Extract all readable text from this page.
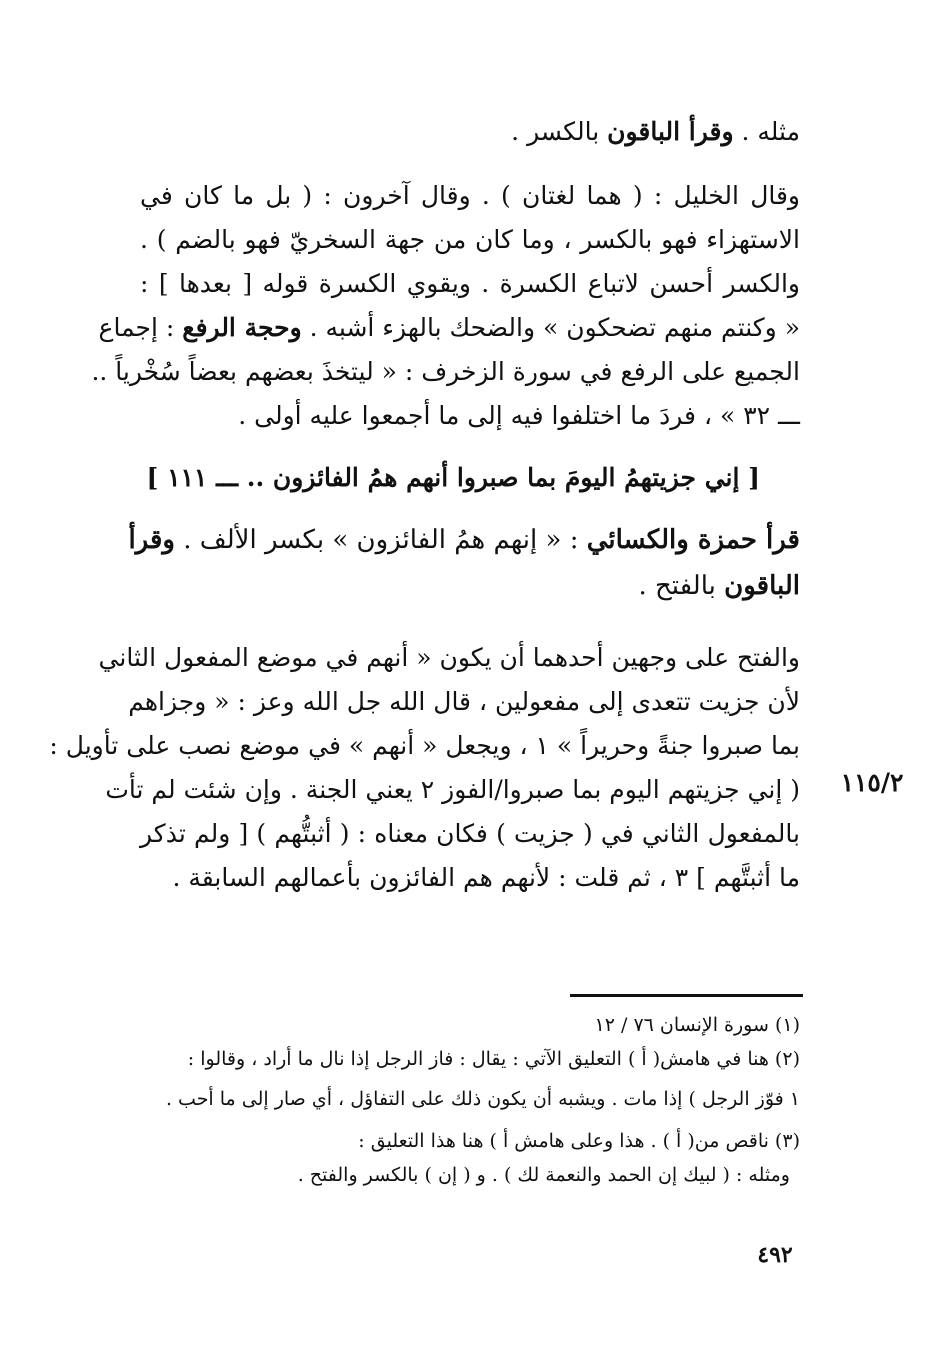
مثله . وقرأ الباقون بالكسر .
وقال الخليل : ( هما لغتان ) . وقال آخرون : ( بل ما كان في
الاستهزاء فهو بالكسر ، وما كان من جهة السخريّ فهو بالضم ) .
والكسر أحسن لاتباع الكسرة . ويقوي الكسرة قوله [ بعدها ] :
« وكنتم منهم تضحكون » والضحك بالهزء أشبه . وحجة الرفع : إجماع
الجميع على الرفع في سورة الزخرف : « ليتخذَ بعضهم بعضاً سُخْرياً ..
ـــ ٣٢ » ، فردَ ما اختلفوا فيه إلى ما أجمعوا عليه أولى .
[ إني جزيتهمُ اليومَ بما صبروا أنهم همُ الفائزون .. ـــ ١١١ ]
قرأ حمزة والكسائي : « إنهم همُ الفائزون » بكسر الألف . وقرأ
الباقون بالفتح .
والفتح على وجهين أحدهما أن يكون « أنهم في موضع المفعول الثاني
لأن جزيت تتعدى إلى مفعولين ، قال الله جل الله وعز : « وجزاهم
بما صبروا جنةً وحريراً » ١ ، ويجعل « أنهم » في موضع نصب على تأويل :
( إني جزيتهم اليوم بما صبروا/الفوز ٢ يعني الجنة . وإن شئت لم تأت
بالمفعول الثاني في ( جزيت ) فكان معناه : ( أثبتُّهم ) [ ولم تذكر
ما أثبتَّهم ] ٣ ، ثم قلت : لأنهم هم الفائزون بأعمالهم السابقة .
١١٥/٢
(١) سورة الإنسان ٧٦ / ١٢
(٢) هنا في هامش( أ ) التعليق الآتي : يقال : فاز الرجل إذا نال ما أراد ، وقالوا :
١ فوّز الرجل ) إذا مات . ويشبه أن يكون ذلك على التفاؤل ، أي صار إلى ما أحب .
(٣) ناقص من( أ ) . هذا وعلى هامش أ ) هنا هذا التعليق :
ومثله : ( لبيك إن الحمد والنعمة لك ) . و ( إن ) بالكسر والفتح .
٤٩٢
